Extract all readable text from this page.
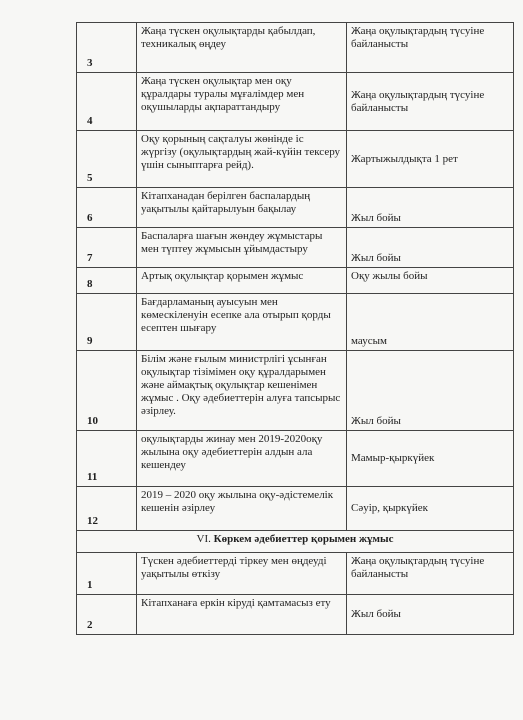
3	Жаңа түскен оқулықтарды қабылдап, техникалық өңдеу	Жаңа оқулықтардың түсуіне байланысты
4	Жаңа түскен оқулықтар мен оқу құралдары туралы мұғалімдер мен оқушыларды ақпараттандыру	Жаңа оқулықтардың түсуіне байланысты
5	Оқу қорының сақталуы жөнінде іс жүргізу (оқулықтардың жай-күйін тексеру үшін сыныптарға рейд).	Жартыжылдықта 1 рет
6	Кітапханадан берілген баспалардың уақытылы қайтарылуын бақылау	Жыл бойы
7	Баспаларға шағын жөндеу жұмыстары мен түптеу жұмысын ұйымдастыру	Жыл бойы
8	Артық оқулықтар қорымен жұмыс	Оқу жылы бойы
9	Бағдарламаның ауысуын мен көмескіленуін есепке ала отырып қорды есептен шығару	маусым
10	Білім және ғылым министрлігі ұсынған оқулықтар тізімімен оқу құралдарымен және аймақтық оқулықтар кешенімен жұмыс . Оқу әдебиеттерін алуға тапсырыс әзірлеу.	Жыл бойы
11	оқулықтарды жинау мен 2019-2020оқу жылына оқу әдебиеттерін алдын ала кешендеу	Мамыр-қыркүйек
12	2019 – 2020 оқу жылына оқу-әдістемелік кешенін әзірлеу	Сәуір, қыркүйек
VI. Көркем әдебиеттер қорымен жұмыс		
1	Түскен әдебиеттерді тіркеу мен өңдеуді уақытылы өткізу	Жаңа оқулықтардың түсуіне байланысты
2	Кітапханаға еркін кіруді қамтамасыз ету	Жыл бойы
